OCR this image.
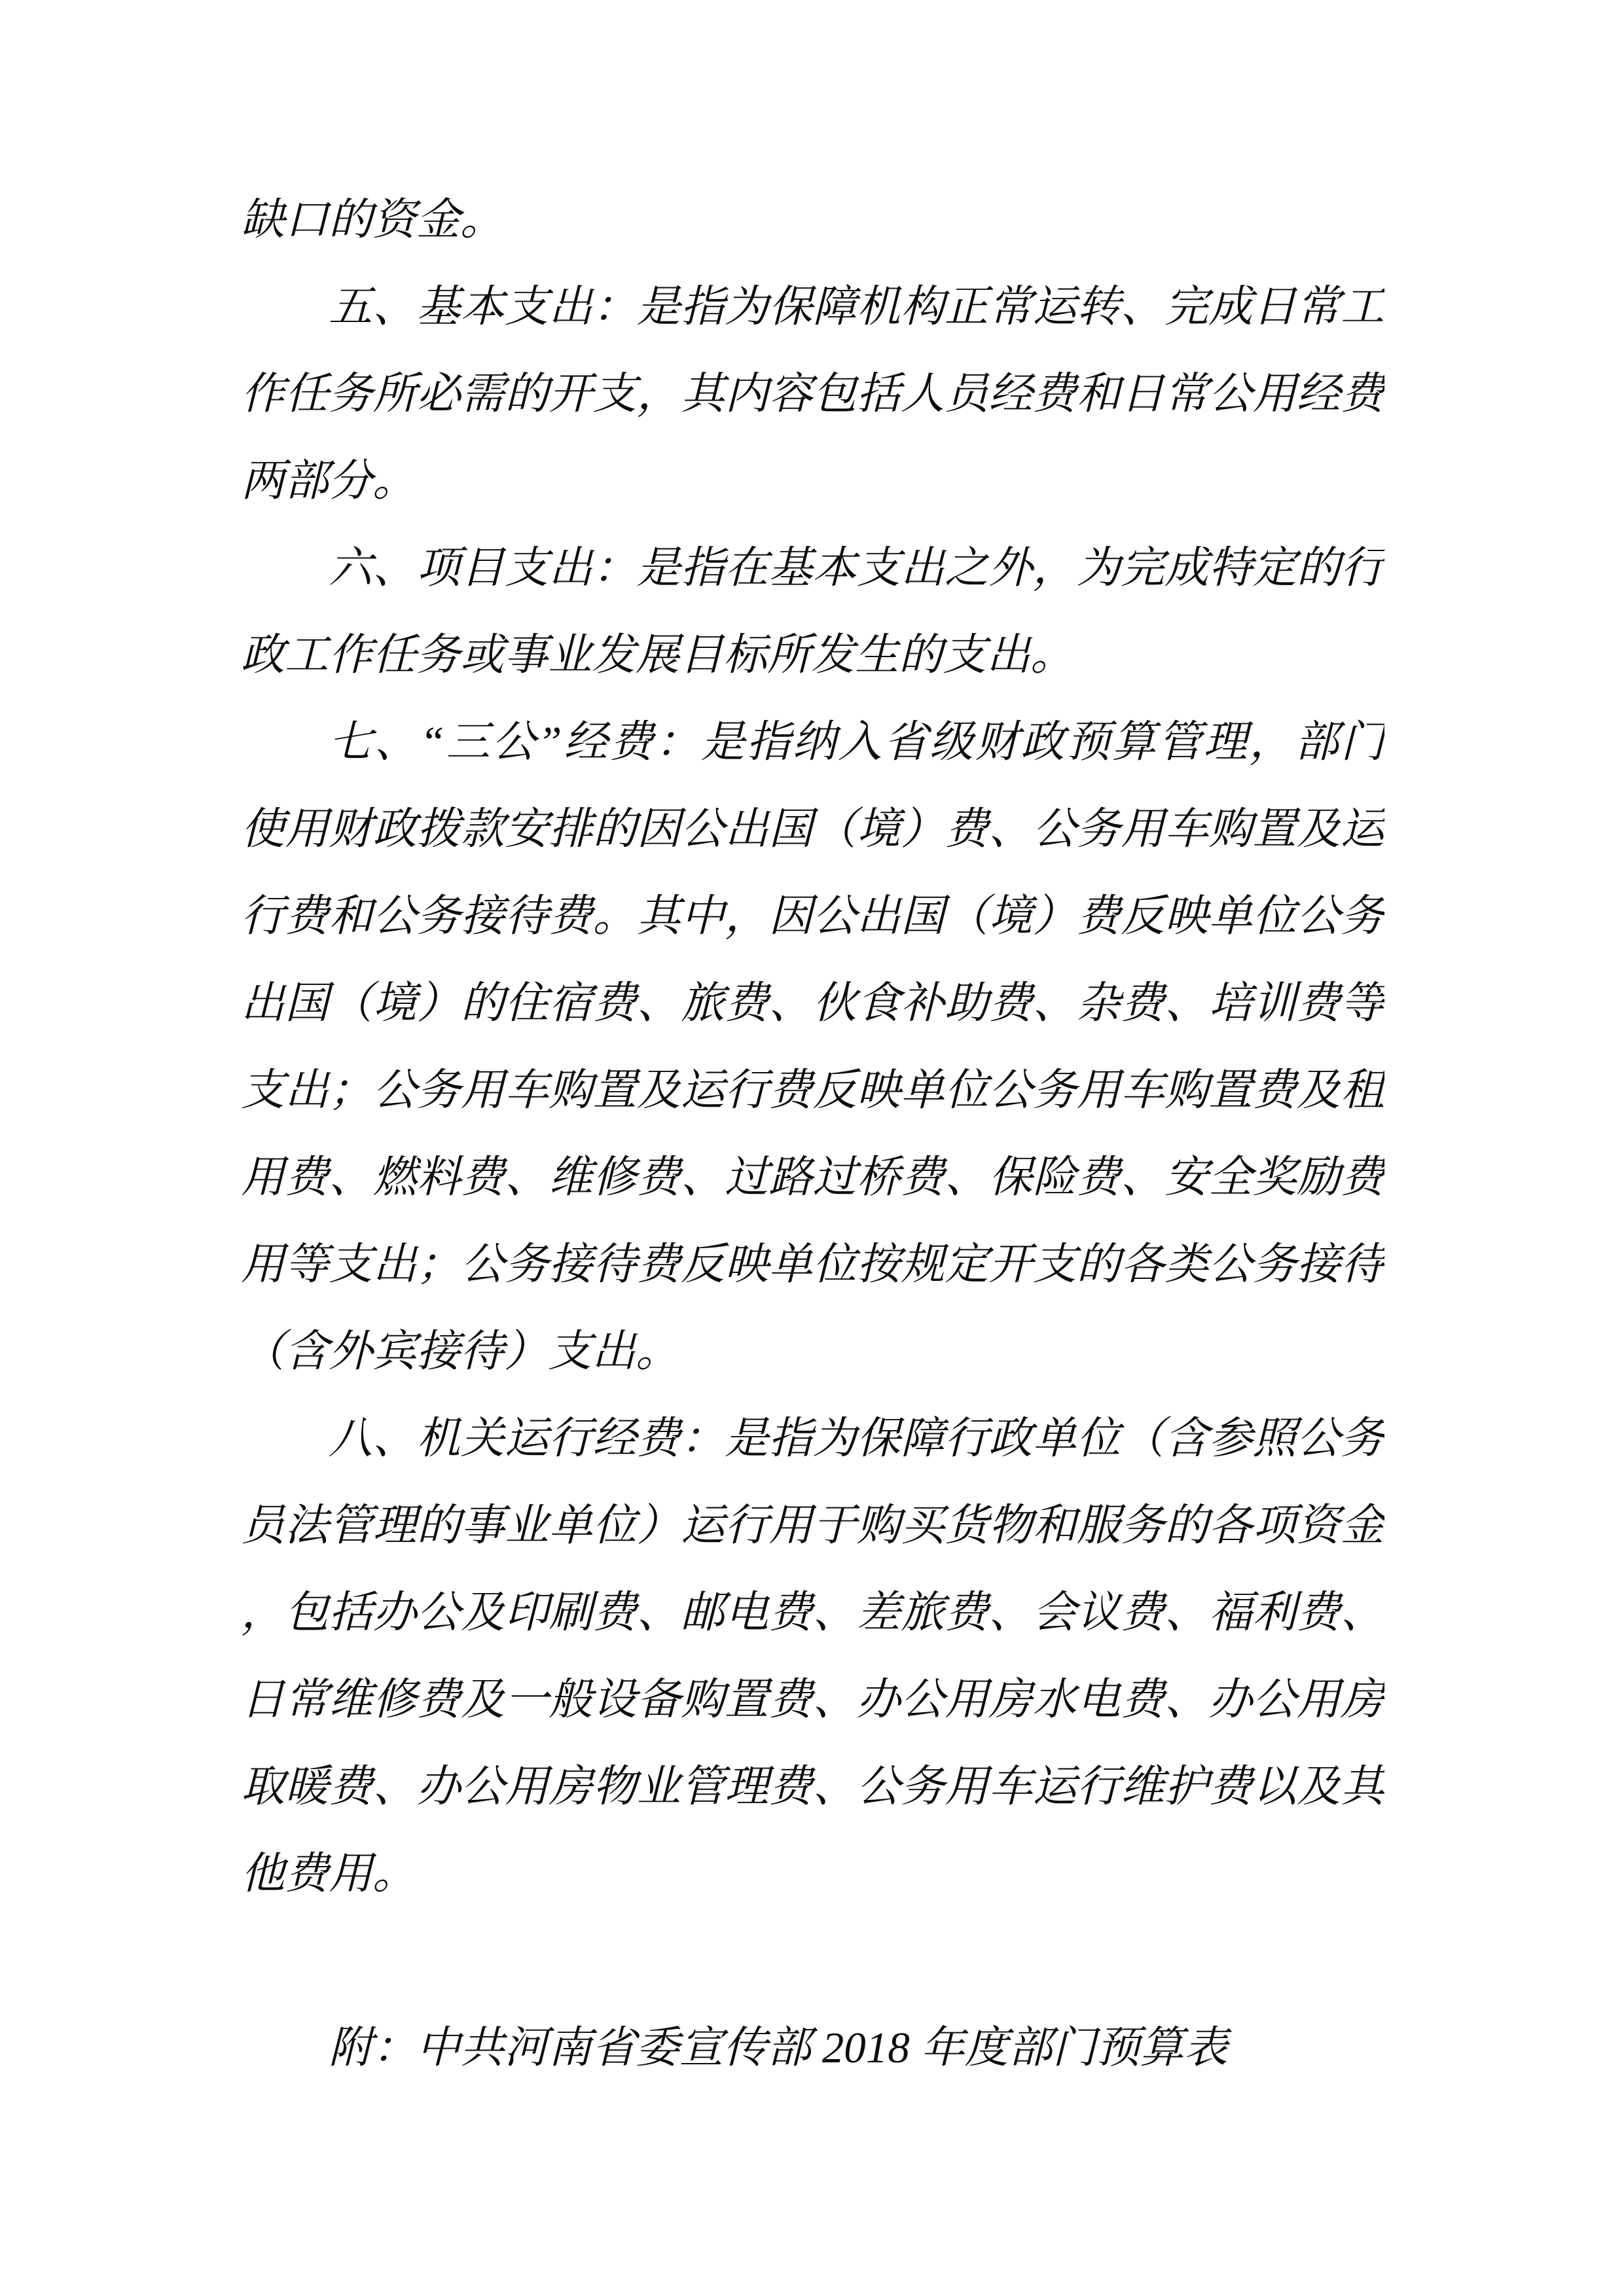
缺口的资金。
五、基本支出：是指为保障机构正常运转、完成日常工
作任务所必需的开支，其内容包括人员经费和日常公用经费
两部分。
六、项目支出：是指在基本支出之外，为完成特定的行
政工作任务或事业发展目标所发生的支出。
七、“三公”经费：是指纳入省级财政预算管理，部门
使用财政拨款安排的因公出国（境）费、公务用车购置及运
行费和公务接待费。其中，因公出国（境）费反映单位公务
出国（境）的住宿费、旅费、伙食补助费、杂费、培训费等
支出；公务用车购置及运行费反映单位公务用车购置费及租
用费、燃料费、维修费、过路过桥费、保险费、安全奖励费
用等支出；公务接待费反映单位按规定开支的各类公务接待
（含外宾接待）支出。
八、机关运行经费：是指为保障行政单位（含参照公务
员法管理的事业单位）运行用于购买货物和服务的各项资金
，包括办公及印刷费、邮电费、差旅费、会议费、福利费、
日常维修费及一般设备购置费、办公用房水电费、办公用房
取暖费、办公用房物业管理费、公务用车运行维护费以及其
他费用。
附：中共河南省委宣传部 2018 年度部门预算表
